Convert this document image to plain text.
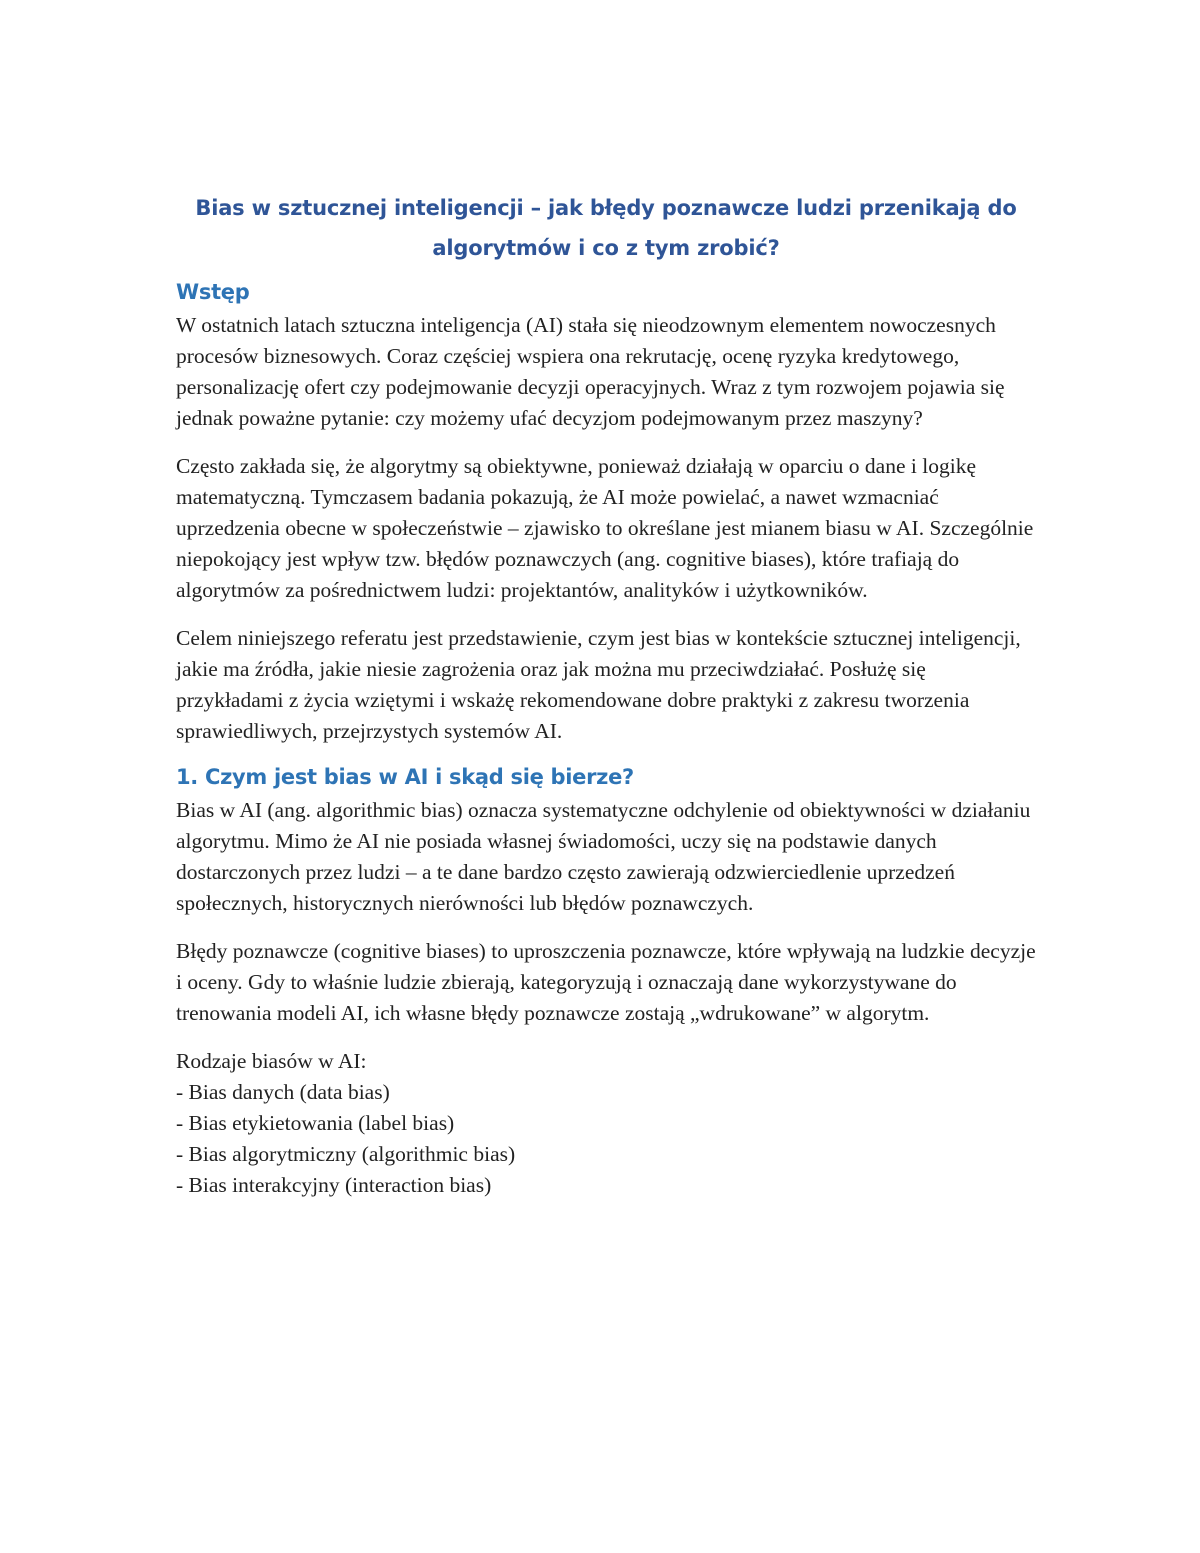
Bias w sztucznej inteligencji – jak błędy poznawcze ludzi przenikają do algorytmów i co z tym zrobić?
Wstęp

W ostatnich latach sztuczna inteligencja (AI) stała się nieodzownym elementem nowoczesnych procesów biznesowych. Coraz częściej wspiera ona rekrutację, ocenę ryzyka kredytowego, personalizację ofert czy podejmowanie decyzji operacyjnych. Wraz z tym rozwojem pojawia się jednak poważne pytanie: czy możemy ufać decyzjom podejmowanym przez maszyny?

Często zakłada się, że algorytmy są obiektywne, ponieważ działają w oparciu o dane i logikę matematyczną. Tymczasem badania pokazują, że AI może powielać, a nawet wzmacniać uprzedzenia obecne w społeczeństwie – zjawisko to określane jest mianem biasu w AI. Szczególnie niepokojący jest wpływ tzw. błędów poznawczych (ang. cognitive biases), które trafiają do algorytmów za pośrednictwem ludzi: projektantów, analityków i użytkowników.

Celem niniejszego referatu jest przedstawienie, czym jest bias w kontekście sztucznej inteligencji, jakie ma źródła, jakie niesie zagrożenia oraz jak można mu przeciwdziałać. Posłużę się przykładami z życia wziętymi i wskażę rekomendowane dobre praktyki z zakresu tworzenia sprawiedliwych, przejrzystych systemów AI.

1. Czym jest bias w AI i skąd się bierze?

Bias w AI (ang. algorithmic bias) oznacza systematyczne odchylenie od obiektywności w działaniu algorytmu. Mimo że AI nie posiada własnej świadomości, uczy się na podstawie danych dostarczonych przez ludzi – a te dane bardzo często zawierają odzwierciedlenie uprzedzeń społecznych, historycznych nierówności lub błędów poznawczych.

Błędy poznawcze (cognitive biases) to uproszczenia poznawcze, które wpływają na ludzkie decyzje i oceny. Gdy to właśnie ludzie zbierają, kategoryzują i oznaczają dane wykorzystywane do trenowania modeli AI, ich własne błędy poznawcze zostają „wdrukowane” w algorytm.

Rodzaje biasów w AI:

- Bias danych (data bias)
- Bias etykietowania (label bias)
- Bias algorytmiczny (algorithmic bias)
- Bias interakcyjny (interaction bias)
